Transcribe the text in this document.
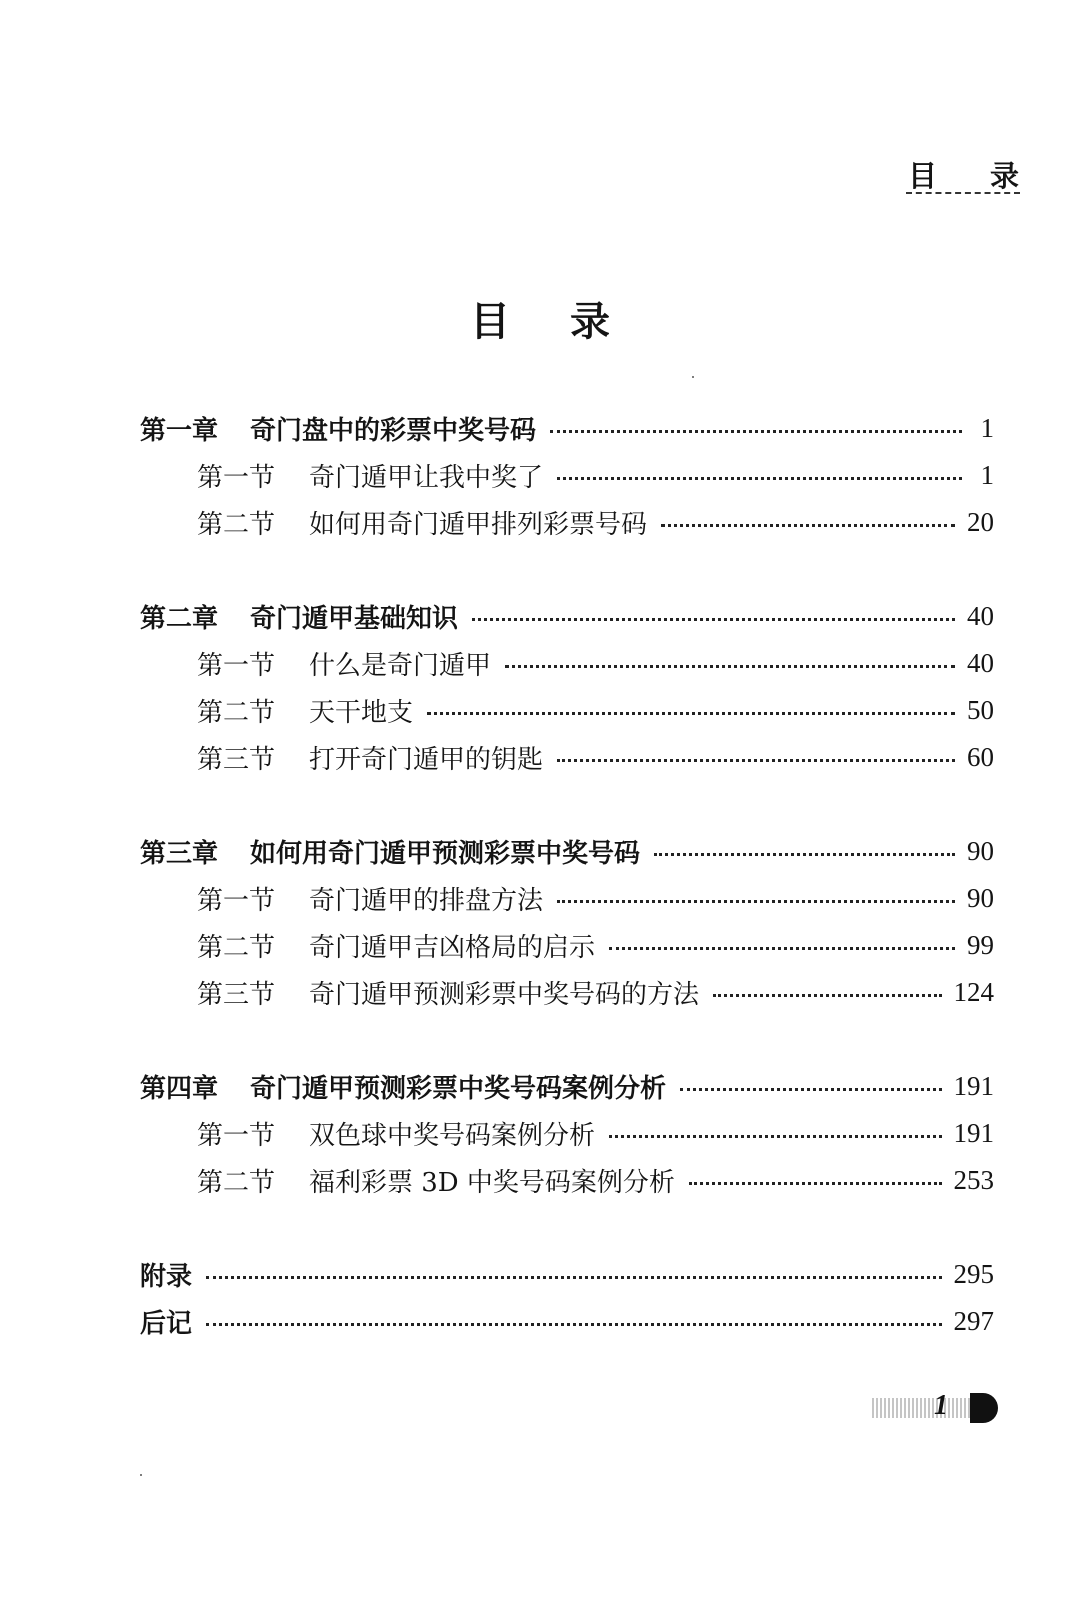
目 录
目录
第一章	奇门盘中的彩票中奖号码	1
第一节	奇门遁甲让我中奖了	1
第二节	如何用奇门遁甲排列彩票号码	20
第二章	奇门遁甲基础知识	40
第一节	什么是奇门遁甲	40
第二节	天干地支	50
第三节	打开奇门遁甲的钥匙	60
第三章	如何用奇门遁甲预测彩票中奖号码	90
第一节	奇门遁甲的排盘方法	90
第二节	奇门遁甲吉凶格局的启示	99
第三节	奇门遁甲预测彩票中奖号码的方法	124
第四章	奇门遁甲预测彩票中奖号码案例分析	191
第一节	双色球中奖号码案例分析	191
第二节	福利彩票 3D 中奖号码案例分析	253
附录	295
后记	297
1
